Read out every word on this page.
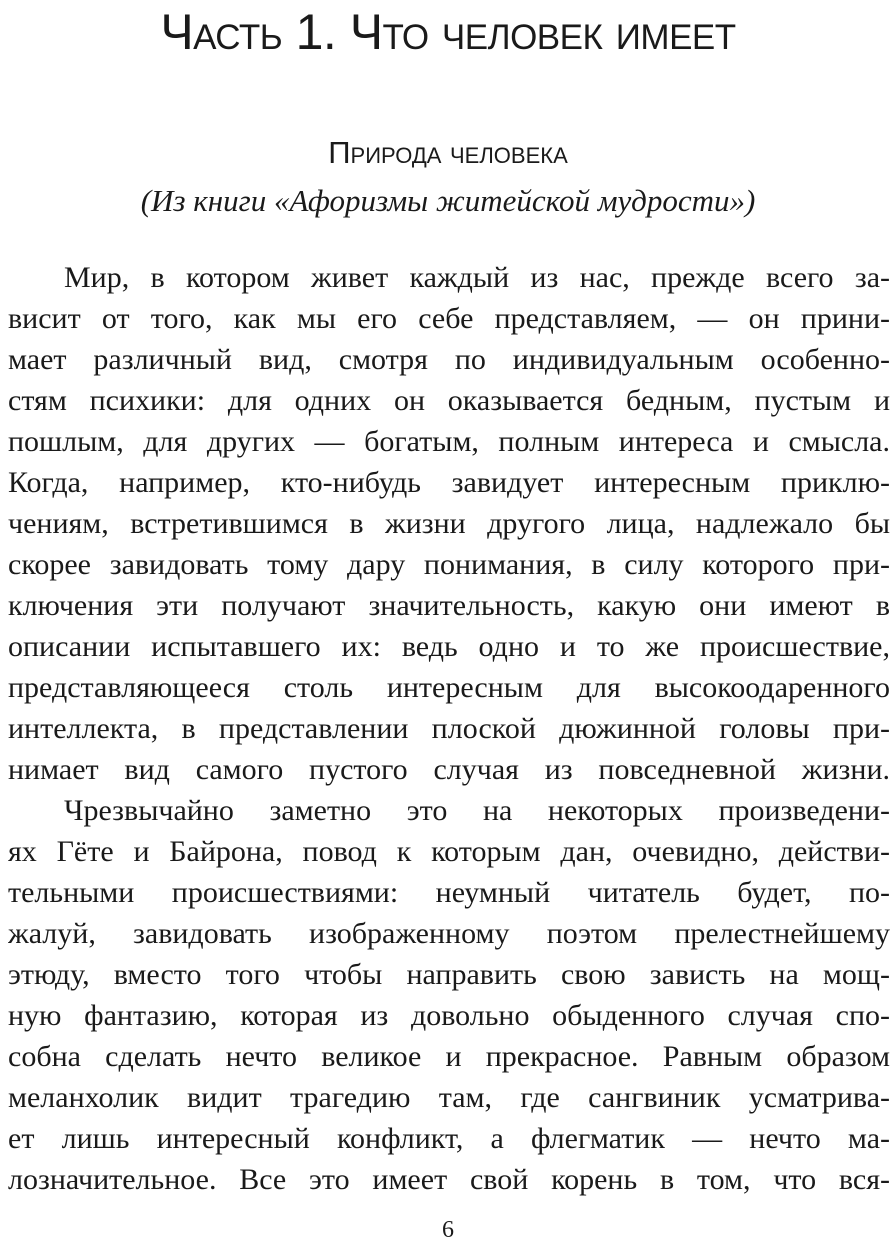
Часть 1. Что человек имеет
Природа человека
(Из книги «Афоризмы житейской мудрости»)
Мир, в котором живет каждый из нас, прежде всего за-
висит от того, как мы его себе представляем, — он прини-
мает различный вид, смотря по индивидуальным особенно-
стям психики: для одних он оказывается бедным, пустым и
пошлым, для других — богатым, полным интереса и смысла.
Когда, например, кто-нибудь завидует интересным приклю-
чениям, встретившимся в жизни другого лица, надлежало бы
скорее завидовать тому дару понимания, в силу которого при-
ключения эти получают значительность, какую они имеют в
описании испытавшего их: ведь одно и то же происшествие,
представляющееся столь интересным для высокоодаренного
интеллекта, в представлении плоской дюжинной головы при-
нимает вид самого пустого случая из повседневной жизни.
Чрезвычайно заметно это на некоторых произведени-
ях Гёте и Байрона, повод к которым дан, очевидно, действи-
тельными происшествиями: неумный читатель будет, по-
жалуй, завидовать изображенному поэтом прелестнейшему
этюду, вместо того чтобы направить свою зависть на мощ-
ную фантазию, которая из довольно обыденного случая спо-
собна сделать нечто великое и прекрасное. Равным образом
меланхолик видит трагедию там, где сангвиник усматрива-
ет лишь интересный конфликт, а флегматик — нечто ма-
лозначительное. Все это имеет свой корень в том, что вся-
6
